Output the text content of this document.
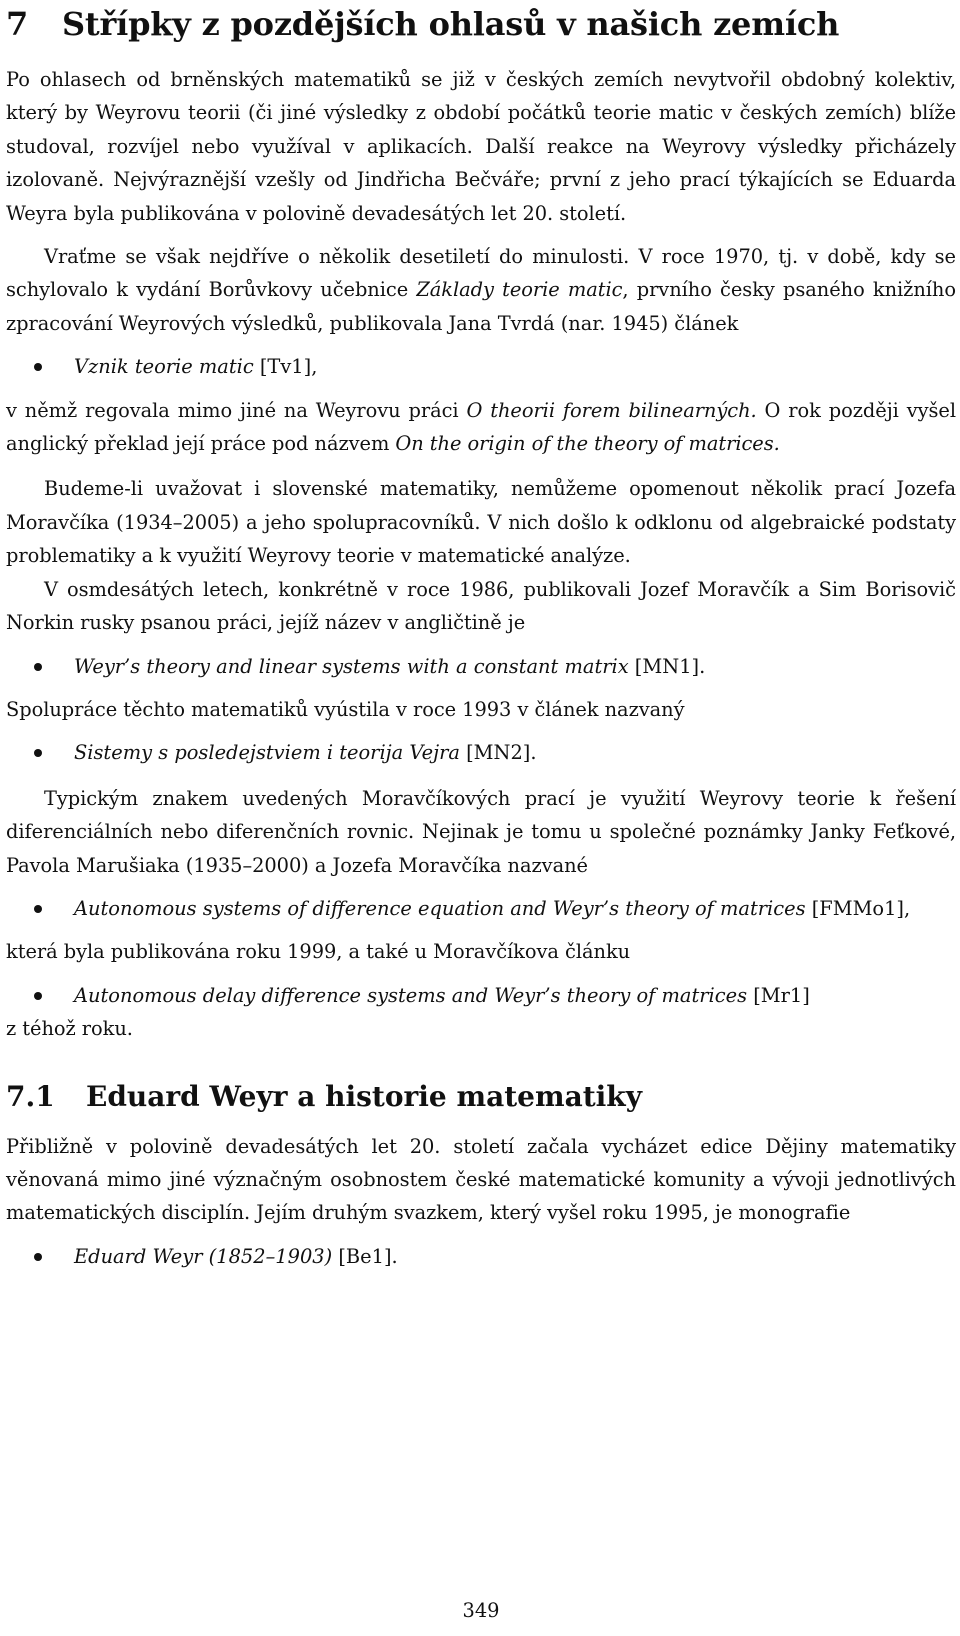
7 Střípky z pozdějších ohlasů v našich zemích

Po ohlasech od brněnských matematiků se již v českých zemích nevytvořil obdobný kolektiv, který by Weyrovu teorii (či jiné výsledky z období počátků teorie matic v českých zemích) blíže studoval, rozvíjel nebo využíval v aplikacích. Další reakce na Weyrovy výsledky přicházely izolovaně. Nejvýraznější vzešly od Jindřicha Bečváře; první z jeho prací týkajících se Eduarda Weyra byla publikována v polovině devadesátých let 20. století.

Vraťme se však nejdříve o několik desetiletí do minulosti. V roce 1970, tj. v době, kdy se schylovalo k vydání Borůvkovy učebnice Základy teorie matic, prvního česky psaného knižního zpracování Weyrových výsledků, publikovala Jana Tvrdá (nar. 1945) článek

Vznik teorie matic [Tv1],

v němž regovala mimo jiné na Weyrovu práci O theorii forem bilinearných. O rok později vyšel anglický překlad její práce pod názvem On the origin of the theory of matrices.

Budeme-li uvažovat i slovenské matematiky, nemůžeme opomenout několik prací Jozefa Moravčíka (1934–2005) a jeho spolupracovníků. V nich došlo k odklonu od algebraické podstaty problematiky a k využití Weyrovy teorie v matematické analýze.

V osmdesátých letech, konkrétně v roce 1986, publikovali Jozef Moravčík a Sim Borisovič Norkin rusky psanou práci, jejíž název v angličtině je

Weyr’s theory and linear systems with a constant matrix [MN1].

Spolupráce těchto matematiků vyústila v roce 1993 v článek nazvaný

Sistemy s posledejstviem i teorija Vejra [MN2].

Typickým znakem uvedených Moravčíkových prací je využití Weyrovy teorie k řešení diferenciálních nebo diferenčních rovnic. Nejinak je tomu u společné poznámky Janky Feťkové, Pavola Marušiaka (1935–2000) a Jozefa Moravčíka nazvané

Autonomous systems of difference equation and Weyr’s theory of matrices [FMMo1],

která byla publikována roku 1999, a také u Moravčíkova článku

Autonomous delay difference systems and Weyr’s theory of matrices [Mr1]

z téhož roku.

7.1 Eduard Weyr a historie matematiky

Přibližně v polovině devadesátých let 20. století začala vycházet edice Dějiny matematiky věnovaná mimo jiné význačným osobnostem české matematické komunity a vývoji jednotlivých matematických disciplín. Jejím druhým svazkem, který vyšel roku 1995, je monografie

Eduard Weyr (1852–1903) [Be1].
349
